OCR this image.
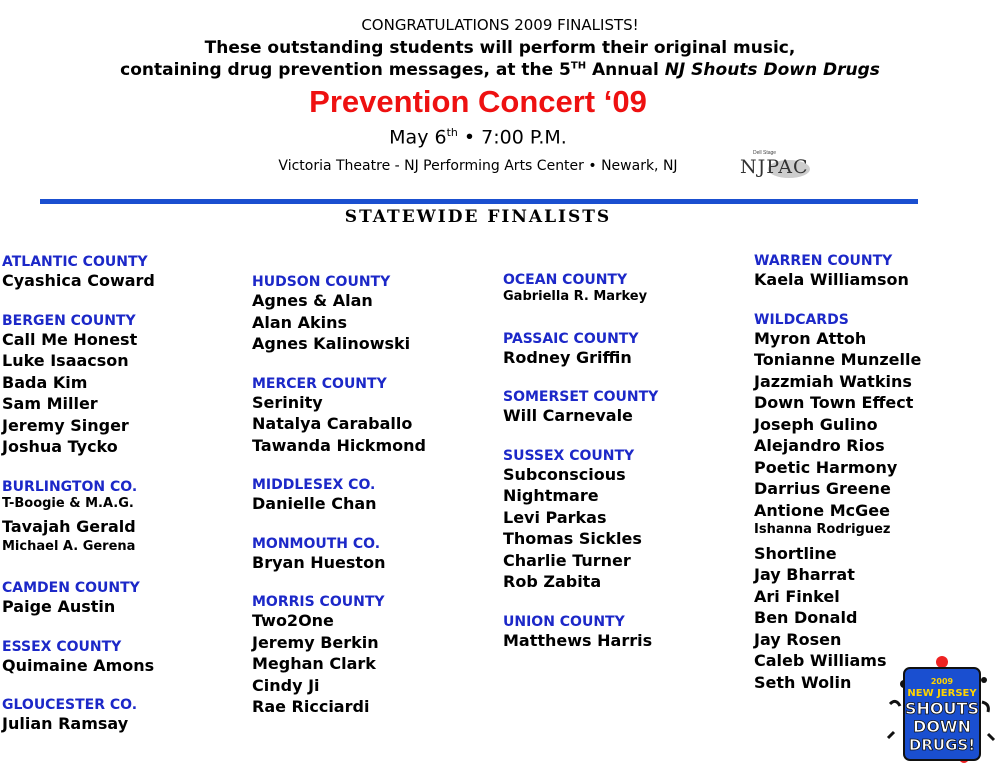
CONGRATULATIONS 2009 FINALISTS!
These outstanding students will perform their original music,
containing drug prevention messages, at the 5TH Annual NJ Shouts Down Drugs
Prevention Concert ‘09
May 6th • 7:00 P.M.
Victoria Theatre - NJ Performing Arts Center • Newark, NJ
Dell Stage
NJPAC
STATEWIDE FINALISTS
ATLANTIC COUNTY
Cyashica Coward
BERGEN COUNTY
Call Me Honest
Luke Isaacson
Bada Kim
Sam Miller
Jeremy Singer
Joshua Tycko
BURLINGTON CO.
T-Boogie & M.A.G.
Tavajah Gerald
Michael A. Gerena
CAMDEN COUNTY
Paige Austin
ESSEX COUNTY
Quimaine Amons
GLOUCESTER CO.
Julian Ramsay
HUDSON COUNTY
Agnes & Alan
Alan Akins
Agnes Kalinowski
MERCER COUNTY
Serinity
Natalya Caraballo
Tawanda Hickmond
MIDDLESEX CO.
Danielle Chan
MONMOUTH CO.
Bryan Hueston
MORRIS COUNTY
Two2One
Jeremy Berkin
Meghan Clark
Cindy Ji
Rae Ricciardi
OCEAN COUNTY
Gabriella R. Markey
PASSAIC COUNTY
Rodney Griffin
SOMERSET COUNTY
Will Carnevale
SUSSEX COUNTY
Subconscious
Nightmare
Levi Parkas
Thomas Sickles
Charlie Turner
Rob Zabita
UNION COUNTY
Matthews Harris
WARREN COUNTY
Kaela Williamson
WILDCARDS
Myron Attoh
Tonianne Munzelle
Jazzmiah Watkins
Down Town Effect
Joseph Gulino
Alejandro Rios
Poetic Harmony
Darrius Greene
Antione McGee
Ishanna Rodriguez
Shortline
Jay Bharrat
Ari Finkel
Ben Donald
Jay Rosen
Caleb Williams
Seth Wolin	2009
NEW JERSEY
SHOUTS
DOWN
DRUGS!
